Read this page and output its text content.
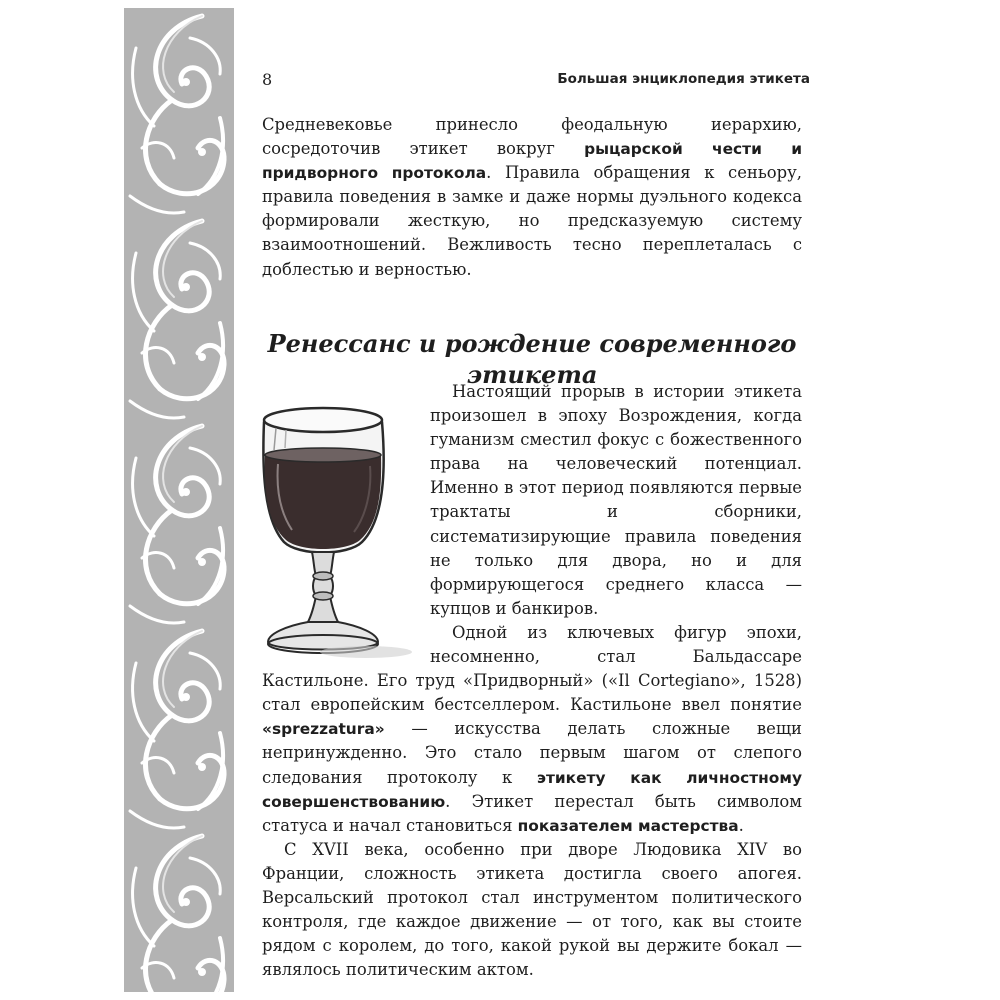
8	Большая энциклопедия этикета

Средневековье принесло феодальную иерархию, сосредоточив этикет вокруг рыцарской чести и придворного протокола. Правила обращения к сеньору, правила поведения в замке и даже нормы дуэльного кодекса формировали жесткую, но предсказуемую систему взаимоотношений. Вежливость тесно переплеталась с доблестью и верностью.

Ренессанс и рождение современного
этикета

Настоящий прорыв в истории этикета произошел в эпоху Возрождения, когда гуманизм сместил фокус с божественного права на человеческий потенциал. Именно в этот период появляются первые трактаты и сборники, систематизирующие правила поведения не только для двора, но и для формирующегося среднего класса — купцов и банкиров.

Одной из ключевых фигур эпохи, несомненно, стал Бальдассаре Кастильоне. Его труд «Придворный» («Il Cortegiano», 1528) стал европейским бестселлером. Кастильоне ввел понятие «sprezzatura» — искусства делать сложные вещи непринужденно. Это стало первым шагом от слепого следования протоколу к этикету как личностному совершенствованию. Этикет перестал быть символом статуса и начал становиться показателем мастерства.

С XVII века, особенно при дворе Людовика XIV во Франции, сложность этикета достигла своего апогея. Версальский протокол стал инструментом политического контроля, где каждое движение — от того, как вы стоите рядом с королем, до того, какой рукой вы держите бокал — являлось политическим актом.
